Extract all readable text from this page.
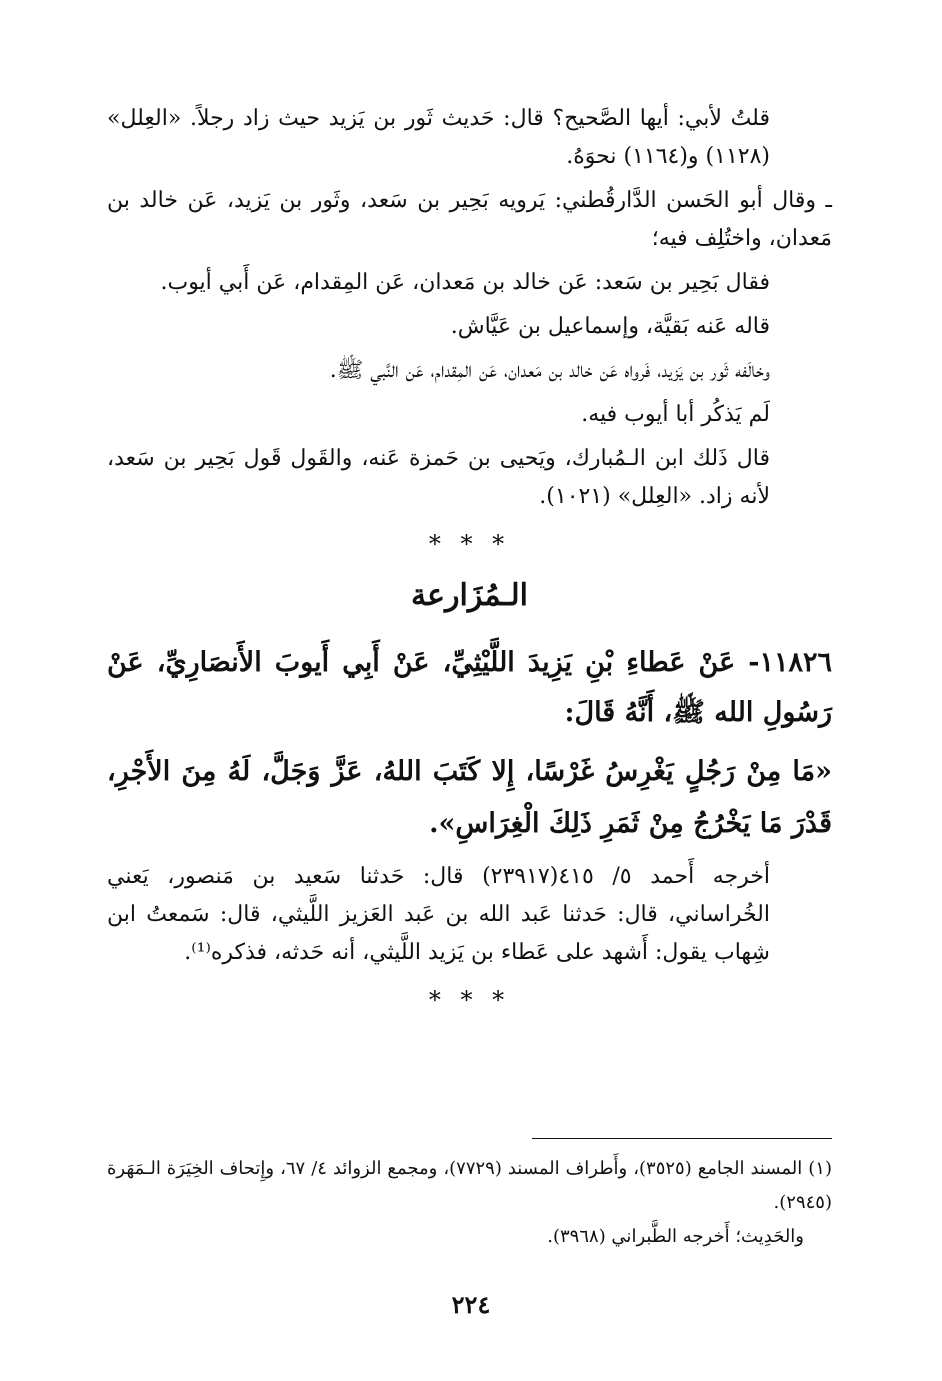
قلتُ لأبي: أيها الصَّحيح؟ قال: حَديث ثَور بن يَزيد حيث زاد رجلاً. «العِلل» (١١٢٨) و(١١٦٤) نحوَهُ.

ـ وقال أبو الحَسن الدَّارقُطني: يَرويه بَحِير بن سَعد، وثَور بن يَزيد، عَن خالد بن مَعدان، واختُلِف فيه؛

فقال بَحِير بن سَعد: عَن خالد بن مَعدان، عَن المِقدام، عَن أَبي أيوب.

قاله عَنه بَقيَّة، وإسماعيل بن عَيَّاش.

وخالَفه ثَور بن يَزيد، فَرواه عَن خالد بن مَعدان، عَن المِقدام، عَن النَّبي ﷺ.

لَم يَذكُر أبا أيوب فيه.

قال ذَلك ابن الـمُبارك، ويَحيى بن حَمزة عَنه، والقَول قَول بَحِير بن سَعد، لأنه زاد. «العِلل» (١٠٢١).

* * *
الـمُزَارعة

١١٨٢٦- عَنْ عَطاءِ بْنِ يَزِيدَ اللَّيْثِيِّ، عَنْ أَبِي أَيوبَ الأَنصَارِيِّ، عَنْ رَسُولِ الله ﷺ، أَنَّهُ قَالَ:

«مَا مِنْ رَجُلٍ يَغْرِسُ غَرْسًا، إِلا كَتَبَ اللهُ، عَزَّ وَجَلَّ، لَهُ مِنَ الأَجْرِ، قَدْرَ مَا يَخْرُجُ مِنْ ثَمَرِ ذَلِكَ الْغِرَاسِ».

أخرجه أَحمد ٥/ ٤١٥(٢٣٩١٧) قال: حَدثنا سَعيد بن مَنصور، يَعني الخُراساني، قال: حَدثنا عَبد الله بن عَبد العَزيز اللَّيثي، قال: سَمعتُ ابن شِهاب يقول: أَشهد على عَطاء بن يَزيد اللَّيثي، أنه حَدثه، فذكره⁽¹⁾.

* * *

(١) المسند الجامع (٣٥٢٥)، وأَطراف المسند (٧٧٢٩)، ومجمع الزوائد ٤/ ٦٧، وإِتحاف الخِيَرَة الـمَهَرة (٢٩٤٥).

والحَدِيث؛ أَخرجه الطَّبراني (٣٩٦٨).

٢٢٤
